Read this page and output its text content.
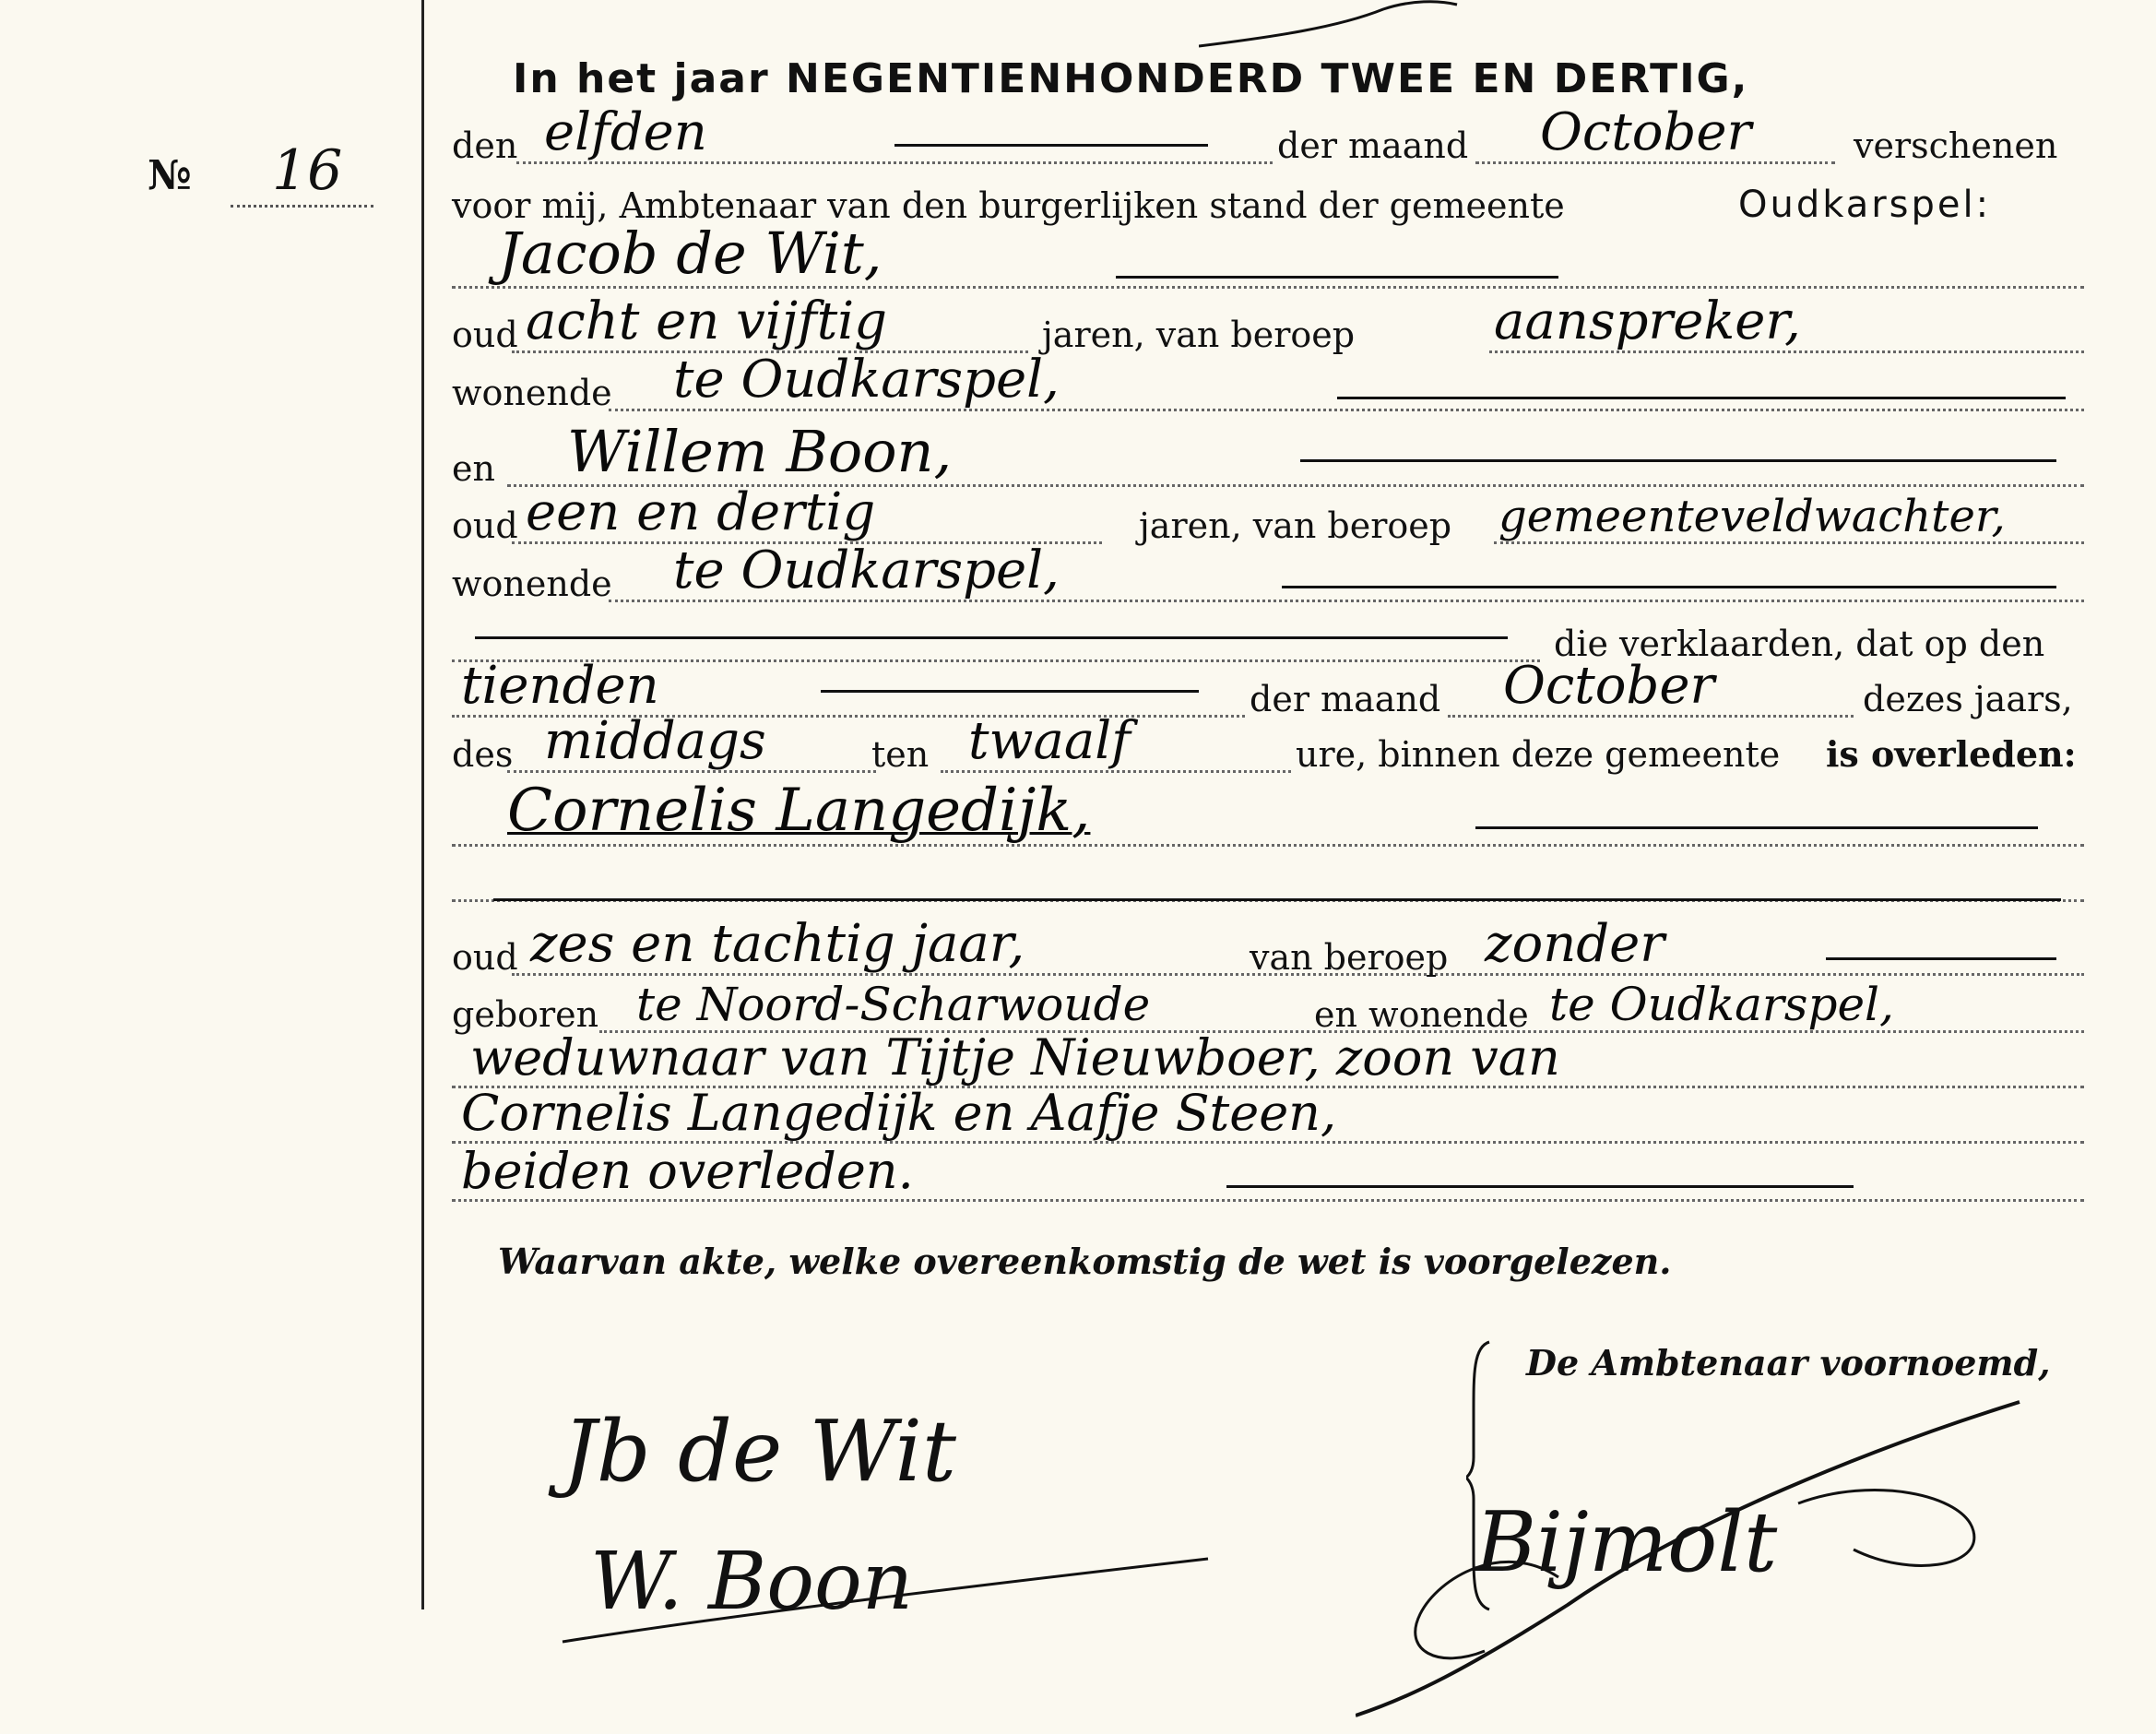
№ 16
In het jaar NEGENTIENHONDERD TWEE EN DERTIG,
den elfden	der maand October	verschenen
voor mij, Ambtenaar van den burgerlijken stand der gemeente	Oudkarspel:
Jacob de Wit,
oud acht en vijftig	jaren, van beroep	aanspreker,
wonende te Oudkarspel,
en Willem Boon,
oud een en dertig	jaren, van beroep gemeenteveldwachter,
wonende te Oudkarspel,
die verklaarden, dat op den
tienden	der maand October	dezes jaars,
des middags	ten twaalf	ure, binnen deze gemeente is overleden:
Cornelis Langedijk,
oud zes en tachtig jaar,	van beroep zonder
geboren te Noord-Scharwoude	en wonende te Oudkarspel,
weduwnaar van Tijtje Nieuwboer, zoon van
Cornelis Langedijk en Aafje Steen,
beiden overleden.
Waarvan akte, welke overeenkomstig de wet is voorgelezen.
De Ambtenaar voornoemd,
Jb de Wit
W. Boon	Bijmolt
